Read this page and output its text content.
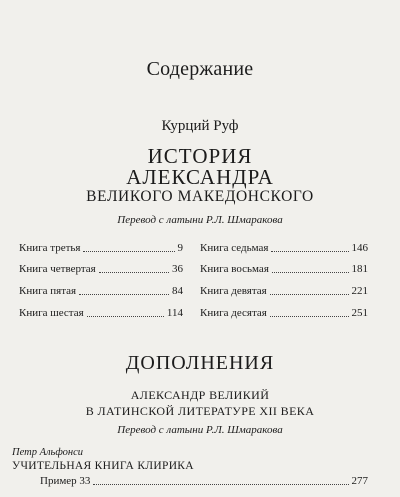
Содержание
Курций Руф
ИСТОРИЯ
АЛЕКСАНДРА
ВЕЛИКОГО МАКЕДОНСКОГО
Перевод с латыни Р.Л. Шмаракова
Книга третья	9
Книга четвертая	36
Книга пятая	84
Книга шестая	114
Книга седьмая	146
Книга восьмая	181
Книга девятая	221
Книга десятая	251
ДОПОЛНЕНИЯ
АЛЕКСАНДР ВЕЛИКИЙ
В ЛАТИНСКОЙ ЛИТЕРАТУРЕ XII ВЕКА
Перевод с латыни Р.Л. Шмаракова
Петр Альфонси
УЧИТЕЛЬНАЯ КНИГА КЛИРИКА
Пример 33	277
